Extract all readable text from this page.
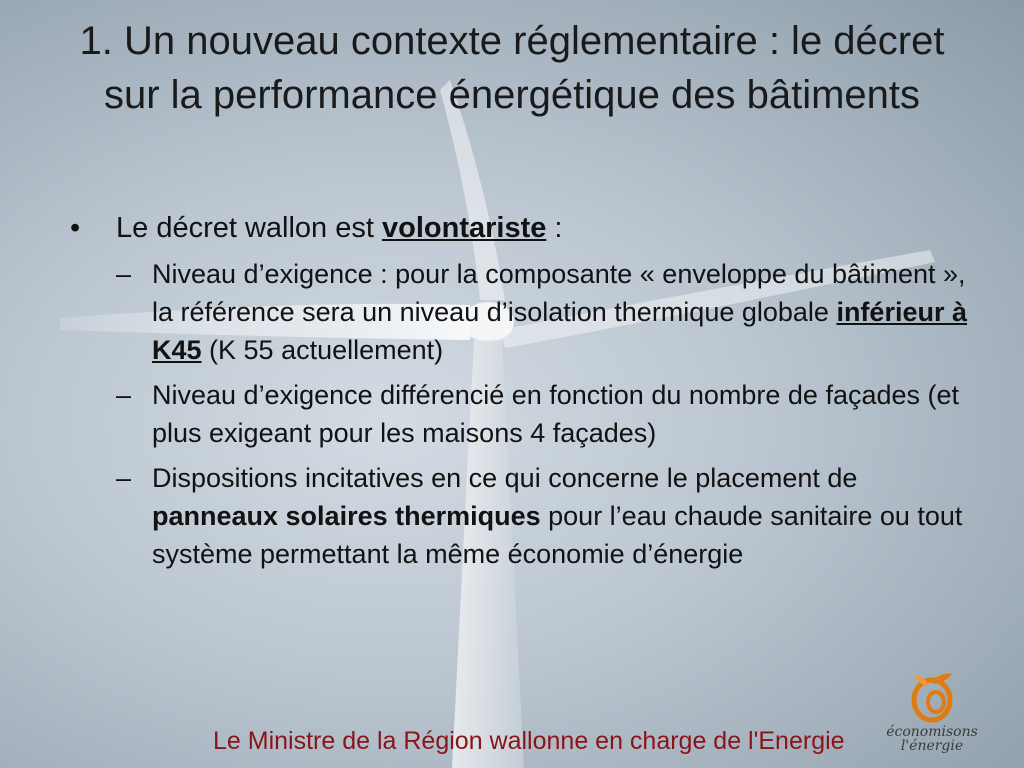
1. Un nouveau contexte réglementaire : le décret sur la performance énergétique des bâtiments
•	Le décret wallon est volontariste :
– Niveau d’exigence : pour la composante « enveloppe du bâtiment », la référence sera un niveau d’isolation thermique globale inférieur à K45 (K 55 actuellement)
– Niveau d’exigence différencié en fonction du nombre de façades (et plus exigeant pour les maisons 4 façades)
– Dispositions incitatives en ce qui concerne le placement de panneaux solaires thermiques pour l’eau chaude sanitaire ou tout système permettant la même économie d’énergie
Le Ministre de la Région wallonne en charge de l'Energie	économisons
l'énergie
